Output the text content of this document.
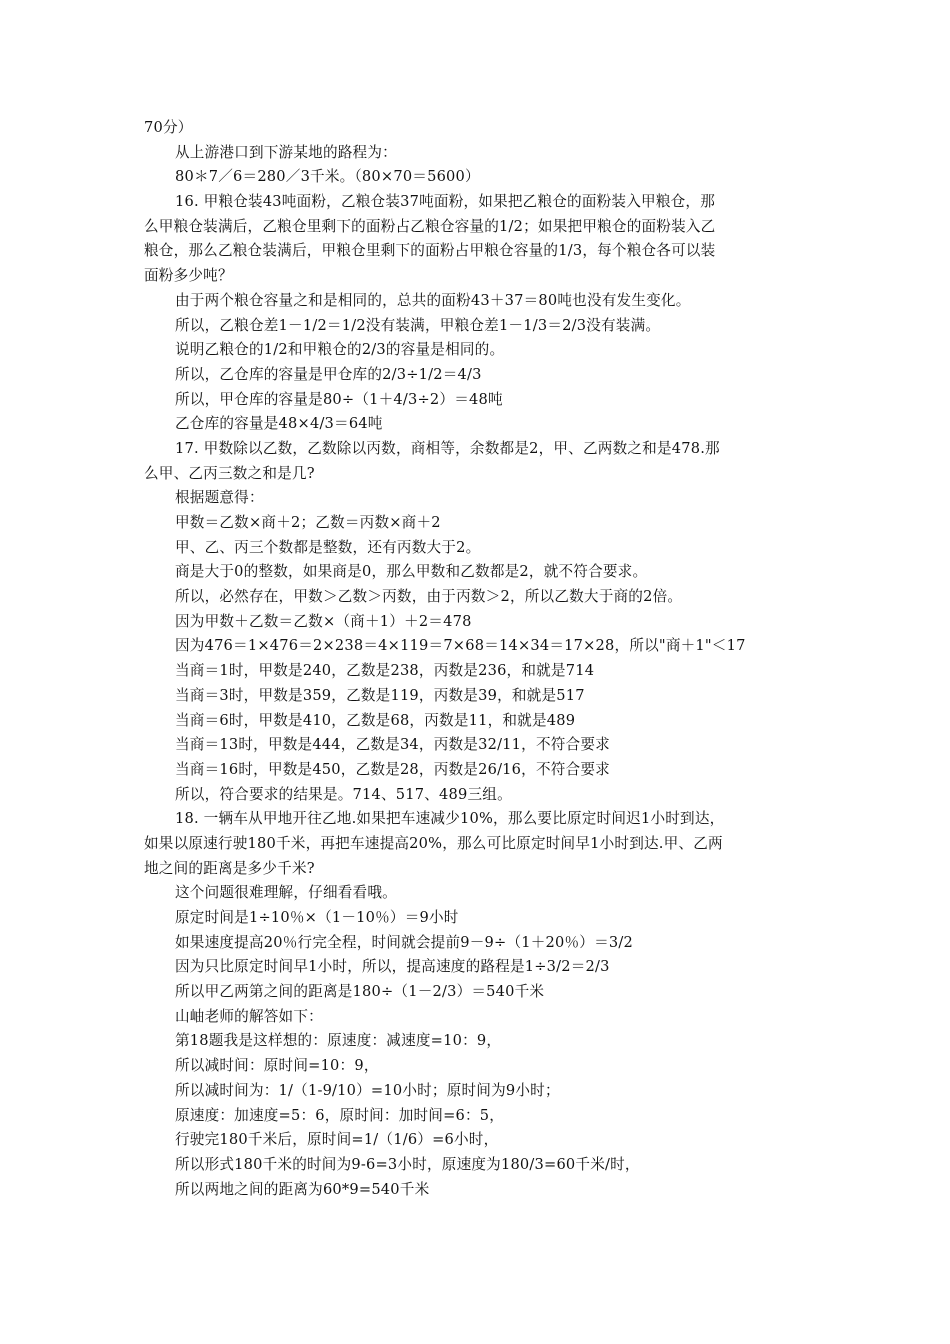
70分）
从上游港口到下游某地的路程为：
80＊7／6＝280／3千米。（80×70＝5600）
16. 甲粮仓装43吨面粉，乙粮仓装37吨面粉，如果把乙粮仓的面粉装入甲粮仓，那
么甲粮仓装满后，乙粮仓里剩下的面粉占乙粮仓容量的1/2；如果把甲粮仓的面粉装入乙
粮仓，那么乙粮仓装满后，甲粮仓里剩下的面粉占甲粮仓容量的1/3，每个粮仓各可以装
面粉多少吨？
由于两个粮仓容量之和是相同的，总共的面粉43＋37＝80吨也没有发生变化。
所以，乙粮仓差1－1/2＝1/2没有装满，甲粮仓差1－1/3＝2/3没有装满。
说明乙粮仓的1/2和甲粮仓的2/3的容量是相同的。
所以，乙仓库的容量是甲仓库的2/3÷1/2＝4/3
所以，甲仓库的容量是80÷（1＋4/3÷2）＝48吨
乙仓库的容量是48×4/3＝64吨
17. 甲数除以乙数，乙数除以丙数，商相等，余数都是2，甲、乙两数之和是478.那
么甲、乙丙三数之和是几?
根据题意得：
甲数＝乙数×商＋2；乙数＝丙数×商＋2
甲、乙、丙三个数都是整数，还有丙数大于2。
商是大于0的整数，如果商是0，那么甲数和乙数都是2，就不符合要求。
所以，必然存在，甲数＞乙数＞丙数，由于丙数＞2，所以乙数大于商的2倍。
因为甲数＋乙数＝乙数×（商＋1）＋2＝478
因为476＝1×476＝2×238＝4×119＝7×68＝14×34＝17×28，所以"商＋1"＜17
当商＝1时，甲数是240，乙数是238，丙数是236，和就是714
当商＝3时，甲数是359，乙数是119，丙数是39，和就是517
当商＝6时，甲数是410，乙数是68，丙数是11，和就是489
当商＝13时，甲数是444，乙数是34，丙数是32/11，不符合要求
当商＝16时，甲数是450，乙数是28，丙数是26/16，不符合要求
所以，符合要求的结果是。714、517、489三组。
18. 一辆车从甲地开往乙地.如果把车速减少10%，那么要比原定时间迟1小时到达，
如果以原速行驶180千米，再把车速提高20%，那么可比原定时间早1小时到达.甲、乙两
地之间的距离是多少千米?
这个问题很难理解，仔细看看哦。
原定时间是1÷10％×（1－10％）＝9小时
如果速度提高20％行完全程，时间就会提前9－9÷（1＋20％）＝3/2
因为只比原定时间早1小时，所以，提高速度的路程是1÷3/2＝2/3
所以甲乙两第之间的距离是180÷（1－2/3）＝540千米
山岫老师的解答如下：
第18题我是这样想的：原速度：减速度=10：9，
所以减时间：原时间=10：9，
所以减时间为：1/（1-9/10）=10小时；原时间为9小时；
原速度：加速度=5：6，原时间：加时间=6：5，
行驶完180千米后，原时间=1/（1/6）=6小时，
所以形式180千米的时间为9-6=3小时，原速度为180/3=60千米/时，
所以两地之间的距离为60*9=540千米
